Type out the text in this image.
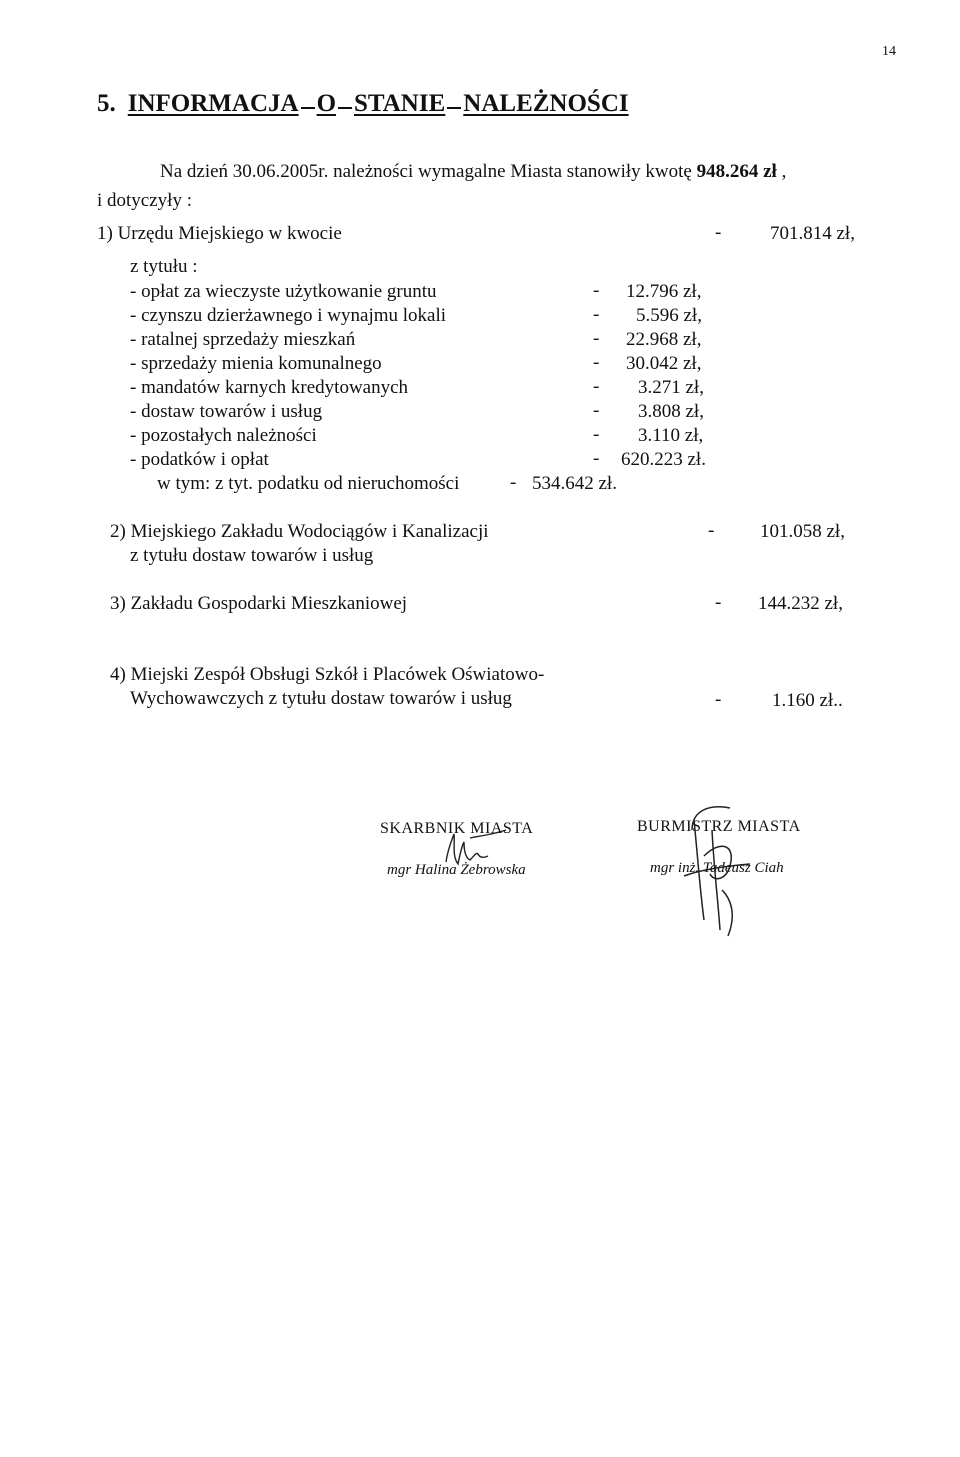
14
5. INFORMACJA O STANIE NALEŻNOŚCI
Na dzień 30.06.2005r. należności wymagalne Miasta stanowiły kwotę 948.264 zł ,
i dotyczyły :
1) Urzędu Miejskiego w kwocie	-	701.814 zł,
z tytułu :
- opłat za wieczyste użytkowanie gruntu	- 12.796 zł,
- czynszu dzierżawnego i wynajmu lokali	- 5.596 zł,
- ratalnej sprzedaży mieszkań	- 22.968 zł,
- sprzedaży mienia komunalnego	- 30.042 zł,
- mandatów karnych kredytowanych	- 3.271 zł,
- dostaw towarów i usług	- 3.808 zł,
- pozostałych należności	- 3.110 zł,
- podatków i opłat	- 620.223 zł.
w tym: z tyt. podatku od nieruchomości	- 534.642 zł.
2) Miejskiego Zakładu Wodociągów i Kanalizacji
z tytułu dostaw towarów i usług
- 101.058 zł,
3) Zakładu Gospodarki Mieszkaniowej	- 144.232 zł,
4) Miejski Zespół Obsługi Szkół i Placówek Oświatowo-
Wychowawczych z tytułu dostaw towarów i usług	-	1.160 zł..
SKARBNIK MIASTA
mgr Halina Żebrowska
BURMISTRZ MIASTA
mgr inż. Tadeusz Ciah
